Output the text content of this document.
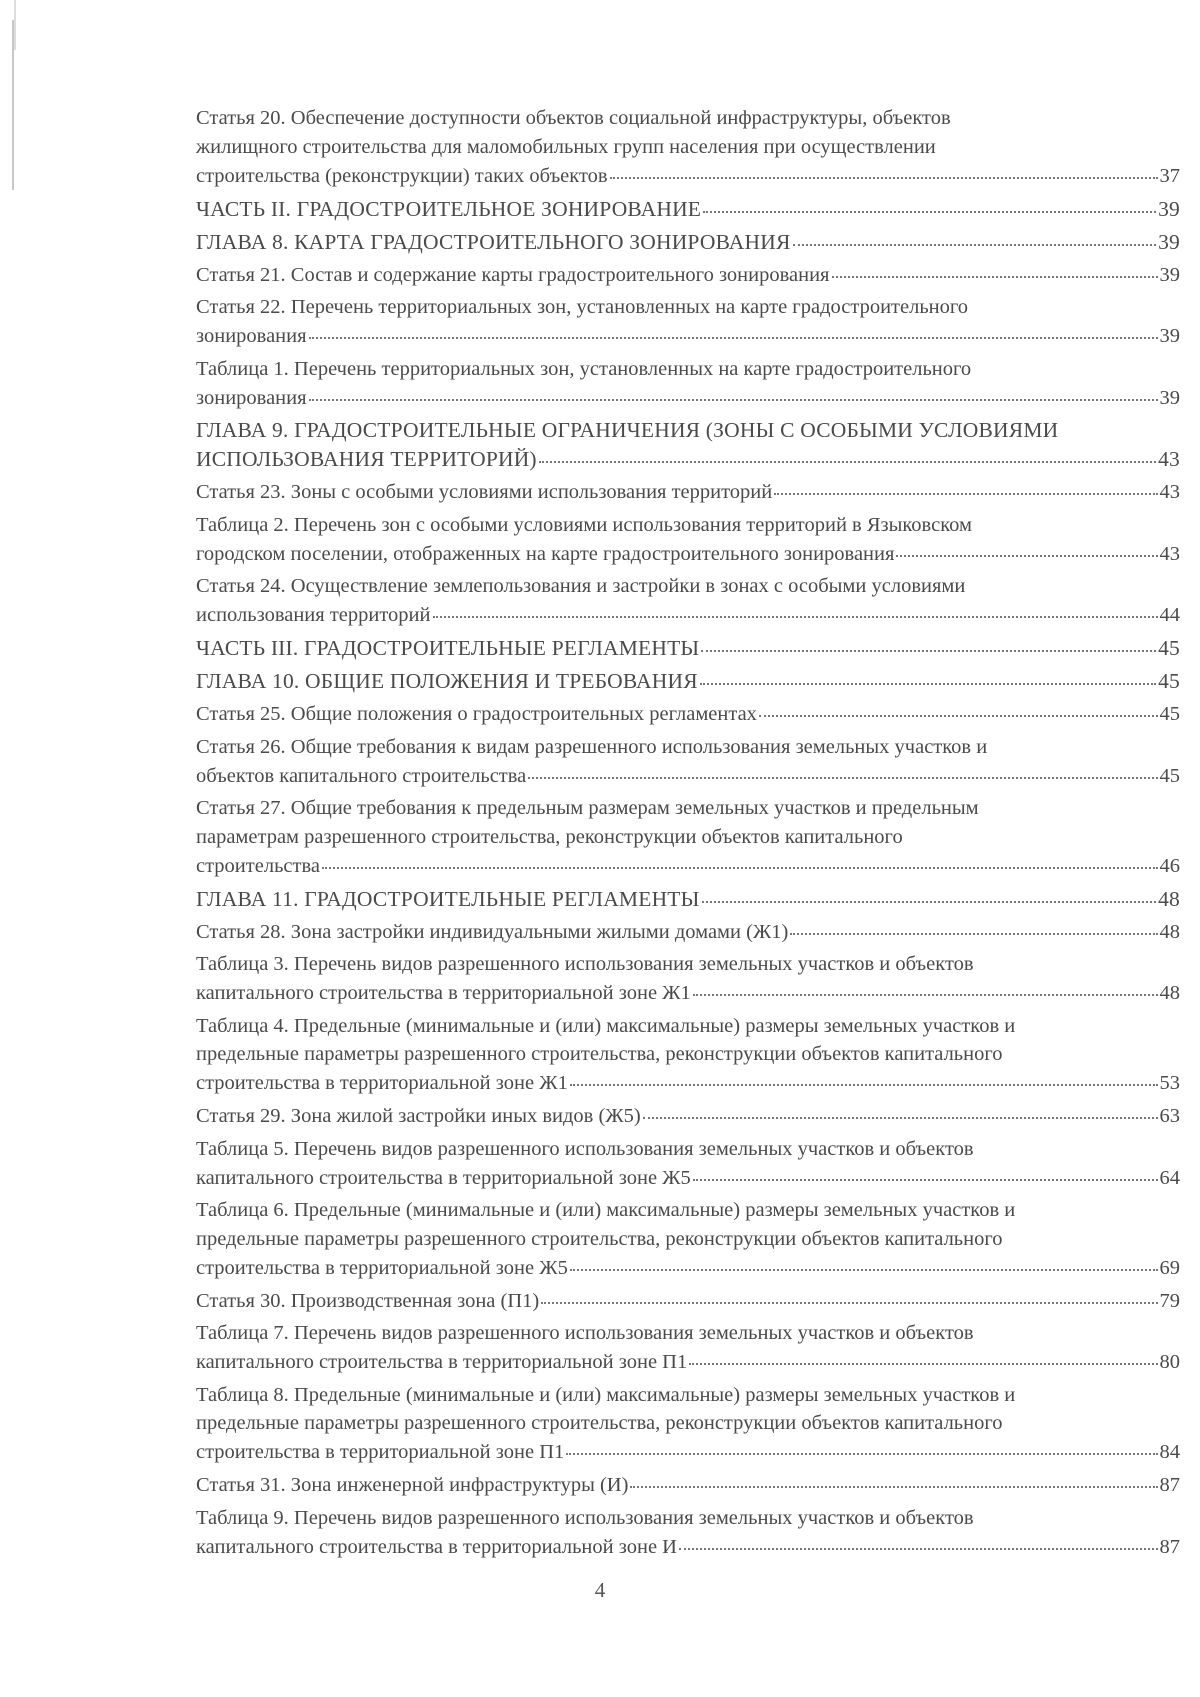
Статья 20. Обеспечение доступности объектов социальной инфраструктуры, объектов
жилищного строительства для маломобильных групп населения при осуществлении
строительства (реконструкции) таких объектов	37
ЧАСТЬ II. ГРАДОСТРОИТЕЛЬНОЕ ЗОНИРОВАНИЕ	39
ГЛАВА 8. КАРТА ГРАДОСТРОИТЕЛЬНОГО ЗОНИРОВАНИЯ	39
Статья 21. Состав и содержание карты градостроительного зонирования	39
Статья 22. Перечень территориальных зон, установленных на карте градостроительного
зонирования	39
Таблица 1. Перечень территориальных зон, установленных на карте градостроительного
зонирования	39
ГЛАВА 9. ГРАДОСТРОИТЕЛЬНЫЕ ОГРАНИЧЕНИЯ (ЗОНЫ С ОСОБЫМИ УСЛОВИЯМИ
ИСПОЛЬЗОВАНИЯ ТЕРРИТОРИЙ)	43
Статья 23. Зоны с особыми условиями использования территорий	43
Таблица 2. Перечень зон с особыми условиями использования территорий в Языковском
городском поселении, отображенных на карте градостроительного зонирования	43
Статья 24. Осуществление землепользования и застройки в зонах с особыми условиями
использования территорий	44
ЧАСТЬ III. ГРАДОСТРОИТЕЛЬНЫЕ РЕГЛАМЕНТЫ	45
ГЛАВА 10. ОБЩИЕ ПОЛОЖЕНИЯ И ТРЕБОВАНИЯ	45
Статья 25. Общие положения о градостроительных регламентах	45
Статья 26. Общие требования к видам разрешенного использования земельных участков и
объектов капитального строительства	45
Статья 27. Общие требования к предельным размерам земельных участков и предельным
параметрам разрешенного строительства, реконструкции объектов капитального
строительства	46
ГЛАВА 11. ГРАДОСТРОИТЕЛЬНЫЕ РЕГЛАМЕНТЫ	48
Статья 28. Зона застройки индивидуальными жилыми домами (Ж1)	48
Таблица 3. Перечень видов разрешенного использования земельных участков и объектов
капитального строительства в территориальной зоне Ж1	48
Таблица 4. Предельные (минимальные и (или) максимальные) размеры земельных участков и
предельные параметры разрешенного строительства, реконструкции объектов капитального
строительства в территориальной зоне Ж1	53
Статья 29. Зона жилой застройки иных видов (Ж5)	63
Таблица 5. Перечень видов разрешенного использования земельных участков и объектов
капитального строительства в территориальной зоне Ж5	64
Таблица 6. Предельные (минимальные и (или) максимальные) размеры земельных участков и
предельные параметры разрешенного строительства, реконструкции объектов капитального
строительства в территориальной зоне Ж5	69
Статья 30. Производственная зона (П1)	79
Таблица 7. Перечень видов разрешенного использования земельных участков и объектов
капитального строительства в территориальной зоне П1	80
Таблица 8. Предельные (минимальные и (или) максимальные) размеры земельных участков и
предельные параметры разрешенного строительства, реконструкции объектов капитального
строительства в территориальной зоне П1	84
Статья 31. Зона инженерной инфраструктуры (И)	87
Таблица 9. Перечень видов разрешенного использования земельных участков и объектов
капитального строительства в территориальной зоне И	87
4
